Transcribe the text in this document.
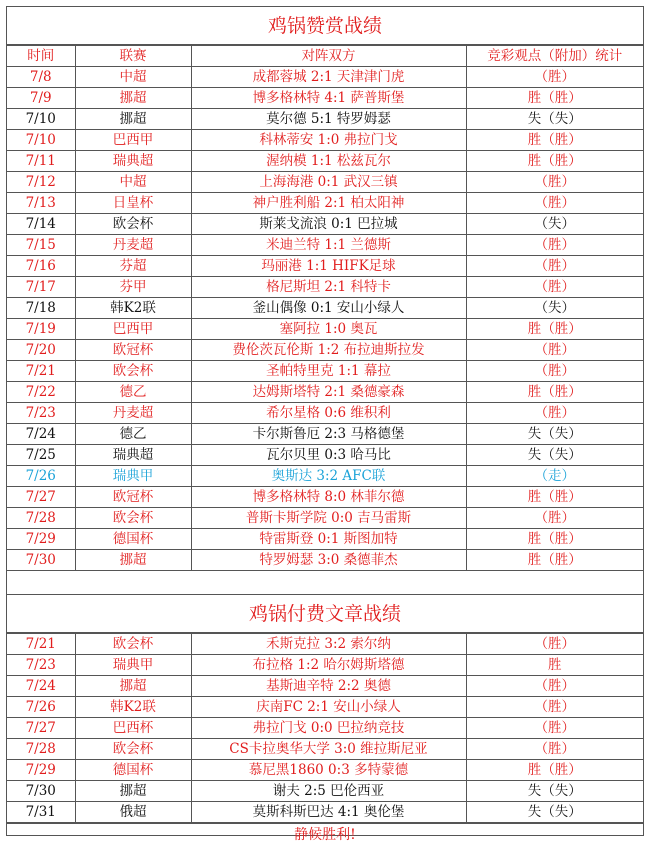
鸡锅赞赏战绩
时间	联赛	对阵双方	竞彩观点（附加）统计
7/8	中超	成都蓉城 2:1 天津津门虎	（胜）
7/9	挪超	博多格林特 4:1 萨普斯堡	胜（胜）
7/10	挪超	莫尔德 5:1 特罗姆瑟	失（失）
7/10	巴西甲	科林蒂安 1:0 弗拉门戈	胜（胜）
7/11	瑞典超	渥纳模 1:1 松兹瓦尔	胜（胜）
7/12	中超	上海海港 0:1 武汉三镇	（胜）
7/13	日皇杯	神户胜利船 2:1 柏太阳神	（胜）
7/14	欧会杯	斯莱戈流浪 0:1 巴拉城	（失）
7/15	丹麦超	米迪兰特 1:1 兰德斯	（胜）
7/16	芬超	玛丽港 1:1 HIFK足球	（胜）
7/17	芬甲	格尼斯坦 2:1 科特卡	（胜）
7/18	韩K2联	釜山偶像 0:1 安山小绿人	（失）
7/19	巴西甲	塞阿拉 1:0 奥瓦	胜（胜）
7/20	欧冠杯	费伦茨瓦伦斯 1:2 布拉迪斯拉发	（胜）
7/21	欧会杯	圣帕特里克 1:1 幕拉	（胜）
7/22	德乙	达姆斯塔特 2:1 桑德豪森	胜（胜）
7/23	丹麦超	希尔星格 0:6 维积利	（胜）
7/24	德乙	卡尔斯鲁厄 2:3 马格德堡	失（失）
7/25	瑞典超	瓦尔贝里 0:3 哈马比	失（失）
7/26	瑞典甲	奥斯达 3:2 AFC联	（走）
7/27	欧冠杯	博多格林特 8:0 林菲尔德	胜（胜）
7/28	欧会杯	普斯卡斯学院 0:0 吉马雷斯	（胜）
7/29	德国杯	特雷斯登 0:1 斯图加特	胜（胜）
7/30	挪超	特罗姆瑟 3:0 桑德菲杰	胜（胜）
鸡锅付费文章战绩
7/21	欧会杯	禾斯克拉 3:2 索尔纳	（胜）
7/23	瑞典甲	布拉格 1:2 哈尔姆斯塔德	胜
7/24	挪超	基斯迪辛特 2:2 奥德	（胜）
7/26	韩K2联	庆南FC 2:1 安山小绿人	（胜）
7/27	巴西杯	弗拉门戈 0:0 巴拉纳竞技	（胜）
7/28	欧会杯	CS卡拉奥华大学 3:0 维拉斯尼亚	（胜）
7/29	德国杯	慕尼黑1860 0:3 多特蒙德	胜（胜）
7/30	挪超	谢夫 2:5 巴伦西亚	失（失）
7/31	俄超	莫斯科斯巴达 4:1 奥伦堡	失（失）
静候胜利!
